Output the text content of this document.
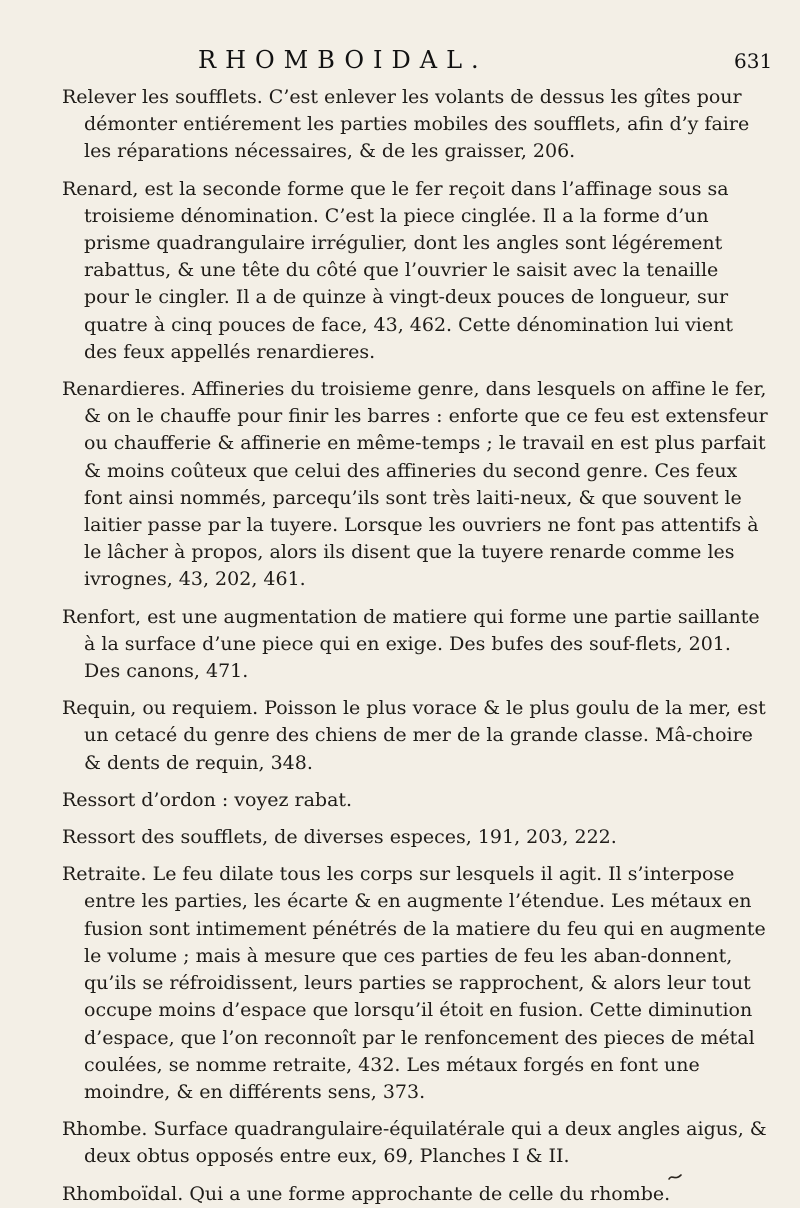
RHOMBOIDAL.	631

Relever les soufflets. C’est enlever les volants de dessus les gîtes pour démonter entiérement les parties mobiles des soufflets, afin d’y faire les réparations nécessaires, & de les graisser, 206.

Renard, est la seconde forme que le fer reçoit dans l’affinage sous sa troisieme dénomination. C’est la piece cinglée. Il a la forme d’un prisme quadrangulaire irrégulier, dont les angles sont légérement rabattus, & une tête du côté que l’ouvrier le saisit avec la tenaille pour le cingler. Il a de quinze à vingt-deux pouces de longueur, sur quatre à cinq pouces de face, 43, 462. Cette dénomination lui vient des feux appellés renardieres.

Renardieres. Affineries du troisieme genre, dans lesquels on affine le fer, & on le chauffe pour finir les barres : enforte que ce feu est extensfeur ou chaufferie & affinerie en même-temps ; le travail en est plus parfait & moins coûteux que celui des affineries du second genre. Ces feux font ainsi nommés, parcequ’ils sont très laiti-neux, & que souvent le laitier passe par la tuyere. Lorsque les ouvriers ne font pas attentifs à le lâcher à propos, alors ils disent que la tuyere renarde comme les ivrognes, 43, 202, 461.

Renfort, est une augmentation de matiere qui forme une partie saillante à la surface d’une piece qui en exige. Des bufes des souf-flets, 201. Des canons, 471.

Requin, ou requiem. Poisson le plus vorace & le plus goulu de la mer, est un cetacé du genre des chiens de mer de la grande classe. Mâ-choire & dents de requin, 348.

Ressort d’ordon : voyez rabat.

Ressort des soufflets, de diverses especes, 191, 203, 222.

Retraite. Le feu dilate tous les corps sur lesquels il agit. Il s’interpose entre les parties, les écarte & en augmente l’étendue. Les métaux en fusion sont intimement pénétrés de la matiere du feu qui en augmente le volume ; mais à mesure que ces parties de feu les aban-donnent, qu’ils se réfroidissent, leurs parties se rapprochent, & alors leur tout occupe moins d’espace que lorsqu’il étoit en fusion. Cette diminution d’espace, que l’on reconnoît par le renfoncement des pieces de métal coulées, se nomme retraite, 432. Les métaux forgés en font une moindre, & en différents sens, 373.

Rhombe. Surface quadrangulaire-équilatérale qui a deux angles aigus, & deux obtus opposés entre eux, 69, Planches I & II.

Rhomboïdal. Qui a une forme approchante de celle du rhombe.
